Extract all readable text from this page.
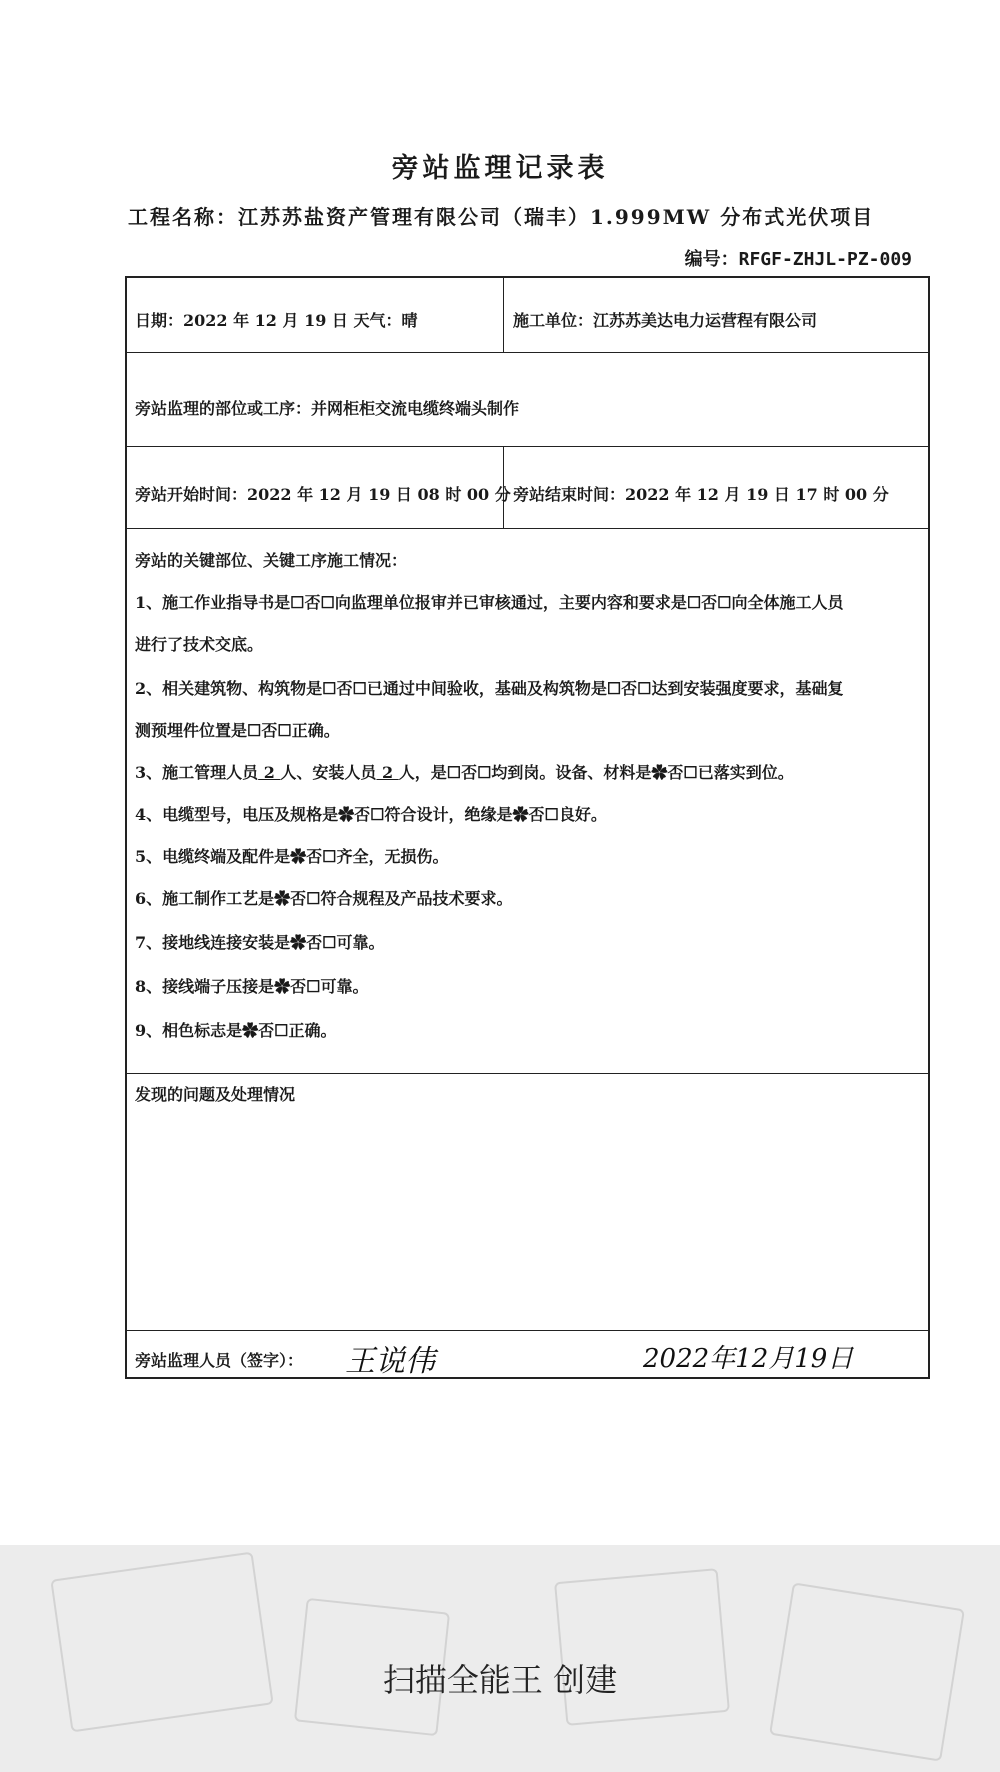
旁站监理记录表
工程名称：江苏苏盐资产管理有限公司（瑞丰）1.999MW 分布式光伏项目
编号：RFGF-ZHJL-PZ-009
日期：2022 年 12 月 19 日 天气：晴	施工单位：江苏苏美达电力运营程有限公司
旁站监理的部位或工序：并网柜柜交流电缆终端头制作
旁站开始时间：2022 年 12 月 19 日 08 时 00 分 旁站结束时间：2022 年 12 月 19 日 17 时 00 分
旁站的关键部位、关键工序施工情况：
1、施工作业指导书是☐否☐向监理单位报审并已审核通过，主要内容和要求是☐否☐向全体施工人员
进行了技术交底。
2、相关建筑物、构筑物是☐否☐已通过中间验收，基础及构筑物是☐否☐达到安装强度要求，基础复
测预埋件位置是☐否☐正确。
3、施工管理人员 2 人、安装人员 2 人，是☐否☐均到岗。设备、材料是✿否☐已落实到位。
4、电缆型号，电压及规格是✿否☐符合设计，绝缘是✿否☐良好。
5、电缆终端及配件是✿否☐齐全，无损伤。
6、施工制作工艺是✿否☐符合规程及产品技术要求。
7、接地线连接安装是✿否☐可靠。
8、接线端子压接是✿否☐可靠。
9、相色标志是✿否☐正确。
发现的问题及处理情况
旁站监理人员（签字）： 王说伟	2022年12月19日
扫描全能王 创建
